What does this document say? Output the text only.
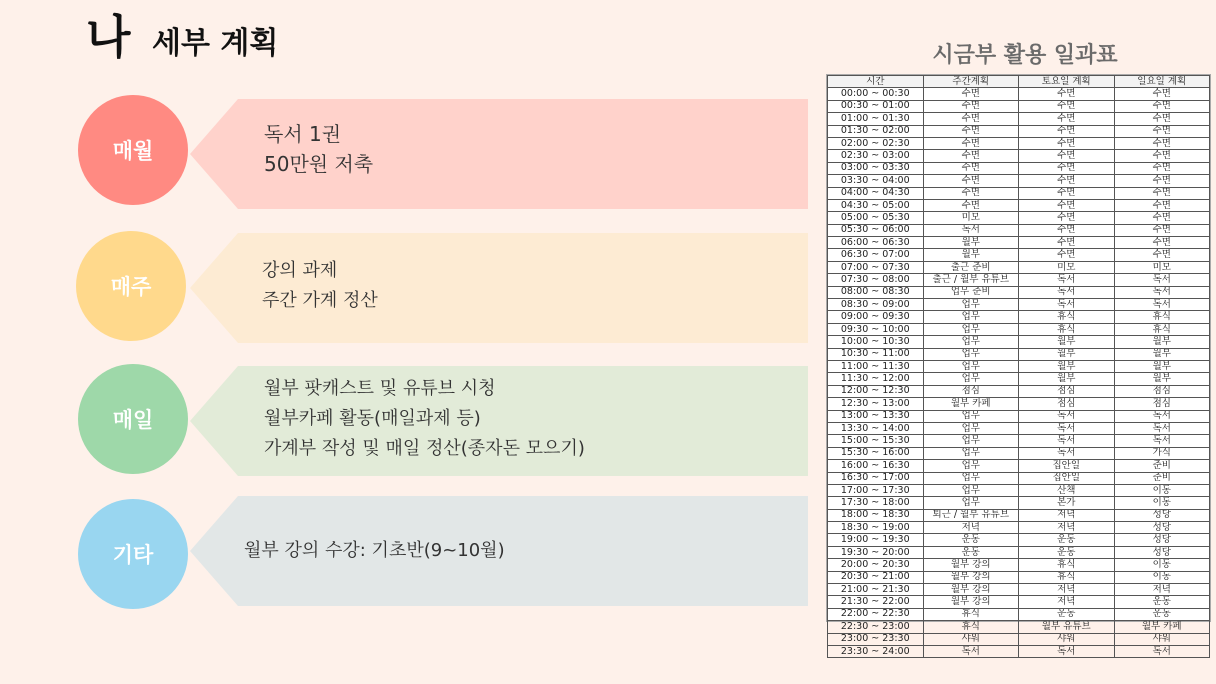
나 세부 계획
매월
독서 1권
50만원 저축
매주
강의 과제
주간 가계 정산
매일
월부 팟캐스트 및 유튜브 시청
월부카페 활동(매일과제 등)
가계부 작성 및 매일 정산(종자돈 모으기)
기타	월부 강의 수강: 기초반(9~10월)
시금부 활용 일과표
시간	주간계획	토요일 계획	일요일 계획
00:00 ~ 00:30	수면	수면	수면
00:30 ~ 01:00	수면	수면	수면
01:00 ~ 01:30	수면	수면	수면
01:30 ~ 02:00	수면	수면	수면
02:00 ~ 02:30	수면	수면	수면
02:30 ~ 03:00	수면	수면	수면
03:00 ~ 03:30	수면	수면	수면
03:30 ~ 04:00	수면	수면	수면
04:00 ~ 04:30	수면	수면	수면
04:30 ~ 05:00	수면	수면	수면
05:00 ~ 05:30	미모	수면	수면
05:30 ~ 06:00	독서	수면	수면
06:00 ~ 06:30	월부	수면	수면
06:30 ~ 07:00	월부	수면	수면
07:00 ~ 07:30	출근 준비	미모	미모
07:30 ~ 08:00	출근 / 월부 유튜브	독서	독서
08:00 ~ 08:30	업무 준비	독서	독서
08:30 ~ 09:00	업무	독서	독서
09:00 ~ 09:30	업무	휴식	휴식
09:30 ~ 10:00	업무	휴식	휴식
10:00 ~ 10:30	업무	월부	월부
10:30 ~ 11:00	업무	월부	월부
11:00 ~ 11:30	업무	월부	월부
11:30 ~ 12:00	업무	월부	월부
12:00 ~ 12:30	점심	점심	점심
12:30 ~ 13:00	월부 카페	점심	점심
13:00 ~ 13:30	업무	독서	독서
13:30 ~ 14:00	업무	독서	독서
15:00 ~ 15:30	업무	독서	독서
15:30 ~ 16:00	업무	독서	가식
16:00 ~ 16:30	업무	집안일	준비
16:30 ~ 17:00	업무	집안일	준비
17:00 ~ 17:30	업무	산책	이동
17:30 ~ 18:00	업무	본가	이동
18:00 ~ 18:30	퇴근 / 월부 유튜브	저녁	성당
18:30 ~ 19:00	저녁	저녁	성당
19:00 ~ 19:30	운동	운동	성당
19:30 ~ 20:00	운동	운동	성당
20:00 ~ 20:30	월부 강의	휴식	이동
20:30 ~ 21:00	월부 강의	휴식	이동
21:00 ~ 21:30	월부 강의	저녁	저녁
21:30 ~ 22:00	월부 강의	저녁	운동
22:00 ~ 22:30	휴식	운동	운동
22:30 ~ 23:00	휴식	월부 유튜브	월부 카페
23:00 ~ 23:30	샤워	샤워	샤워
23:30 ~ 24:00	독서	독서	독서
